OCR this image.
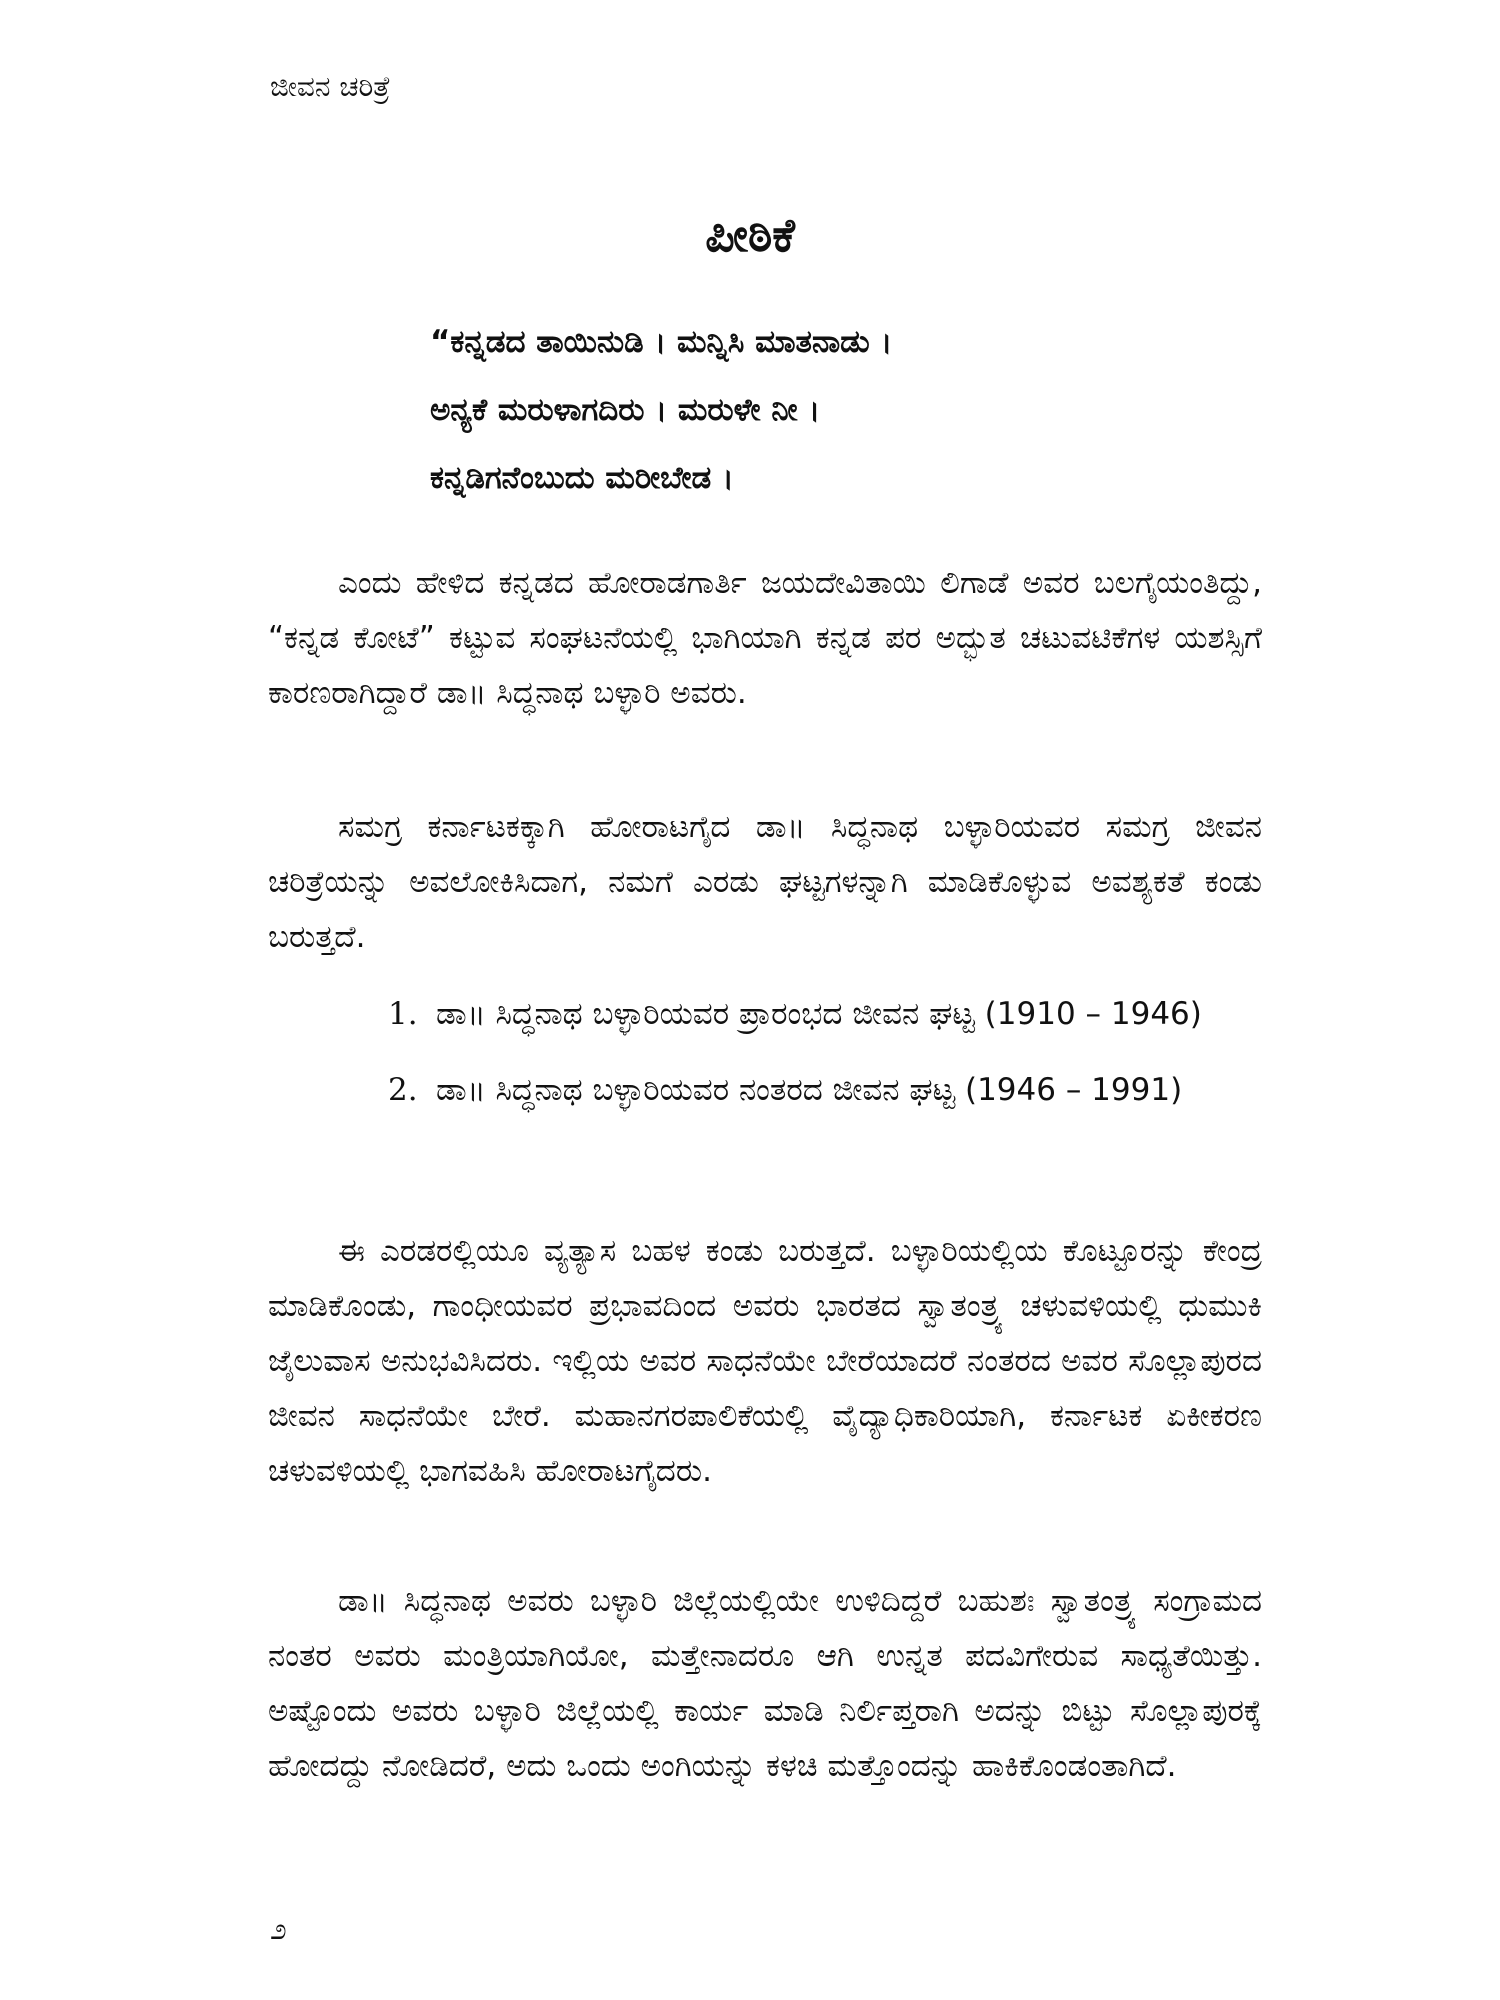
ಜೀವನ ಚರಿತ್ರೆ
ಪೀಠಿಕೆ
“ಕನ್ನಡದ ತಾಯಿನುಡಿ । ಮನ್ನಿಸಿ ಮಾತನಾಡು ।
ಅನ್ಯಕೆ ಮರುಳಾಗದಿರು । ಮರುಳೇ ನೀ ।
ಕನ್ನಡಿಗನೆಂಬುದು ಮರೀಬೇಡ ।

ಎಂದು ಹೇಳಿದ ಕನ್ನಡದ ಹೋರಾಡಗಾರ್ತಿ ಜಯದೇವಿತಾಯಿ ಲಿಗಾಡೆ ಅವರ ಬಲಗೈಯಂತಿದ್ದು, “ಕನ್ನಡ ಕೋಟೆ” ಕಟ್ಟುವ ಸಂಘಟನೆಯಲ್ಲಿ ಭಾಗಿಯಾಗಿ ಕನ್ನಡ ಪರ ಅದ್ಭುತ ಚಟುವಟಿಕೆಗಳ ಯಶಸ್ಸಿಗೆ ಕಾರಣರಾಗಿದ್ದಾರೆ ಡಾ॥ ಸಿದ್ಧನಾಥ ಬಳ್ಳಾರಿ ಅವರು.

ಸಮಗ್ರ ಕರ್ನಾಟಕಕ್ಕಾಗಿ ಹೋರಾಟಗೈದ ಡಾ॥ ಸಿದ್ಧನಾಥ ಬಳ್ಳಾರಿಯವರ ಸಮಗ್ರ ಜೀವನ ಚರಿತ್ರೆಯನ್ನು ಅವಲೋಕಿಸಿದಾಗ, ನಮಗೆ ಎರಡು ಘಟ್ಟಗಳನ್ನಾಗಿ ಮಾಡಿಕೊಳ್ಳುವ ಅವಶ್ಯಕತೆ ಕಂಡು ಬರುತ್ತದೆ.

1. ಡಾ॥ ಸಿದ್ಧನಾಥ ಬಳ್ಳಾರಿಯವರ ಪ್ರಾರಂಭದ ಜೀವನ ಘಟ್ಟ (1910 – 1946)
2. ಡಾ॥ ಸಿದ್ಧನಾಥ ಬಳ್ಳಾರಿಯವರ ನಂತರದ ಜೀವನ ಘಟ್ಟ (1946 – 1991)

ಈ ಎರಡರಲ್ಲಿಯೂ ವ್ಯತ್ಯಾಸ ಬಹಳ ಕಂಡು ಬರುತ್ತದೆ. ಬಳ್ಳಾರಿಯಲ್ಲಿಯ ಕೊಟ್ಟೂರನ್ನು ಕೇಂದ್ರ ಮಾಡಿಕೊಂಡು, ಗಾಂಧೀಯವರ ಪ್ರಭಾವದಿಂದ ಅವರು ಭಾರತದ ಸ್ವಾತಂತ್ರ್ಯ ಚಳುವಳಿಯಲ್ಲಿ ಧುಮುಕಿ ಜೈಲುವಾಸ ಅನುಭವಿಸಿದರು. ಇಲ್ಲಿಯ ಅವರ ಸಾಧನೆಯೇ ಬೇರೆಯಾದರೆ ನಂತರದ ಅವರ ಸೊಲ್ಲಾಪುರದ ಜೀವನ ಸಾಧನೆಯೇ ಬೇರೆ. ಮಹಾನಗರಪಾಲಿಕೆಯಲ್ಲಿ ವೈದ್ಯಾಧಿಕಾರಿಯಾಗಿ, ಕರ್ನಾಟಕ ಏಕೀಕರಣ ಚಳುವಳಿಯಲ್ಲಿ ಭಾಗವಹಿಸಿ ಹೋರಾಟಗೈದರು.

ಡಾ॥ ಸಿದ್ಧನಾಥ ಅವರು ಬಳ್ಳಾರಿ ಜಿಲ್ಲೆಯಲ್ಲಿಯೇ ಉಳಿದಿದ್ದರೆ ಬಹುಶಃ ಸ್ವಾತಂತ್ರ್ಯ ಸಂಗ್ರಾಮದ ನಂತರ ಅವರು ಮಂತ್ರಿಯಾಗಿಯೋ, ಮತ್ತೇನಾದರೂ ಆಗಿ ಉನ್ನತ ಪದವಿಗೇರುವ ಸಾಧ್ಯತೆಯಿತ್ತು. ಅಷ್ಟೊಂದು ಅವರು ಬಳ್ಳಾರಿ ಜಿಲ್ಲೆಯಲ್ಲಿ ಕಾರ್ಯ ಮಾಡಿ ನಿರ್ಲಿಪ್ತರಾಗಿ ಅದನ್ನು ಬಿಟ್ಟು ಸೊಲ್ಲಾಪುರಕ್ಕೆ ಹೋದದ್ದು ನೋಡಿದರೆ, ಅದು ಒಂದು ಅಂಗಿಯನ್ನು ಕಳಚಿ ಮತ್ತೊಂದನ್ನು ಹಾಕಿಕೊಂಡಂತಾಗಿದೆ.

೨
